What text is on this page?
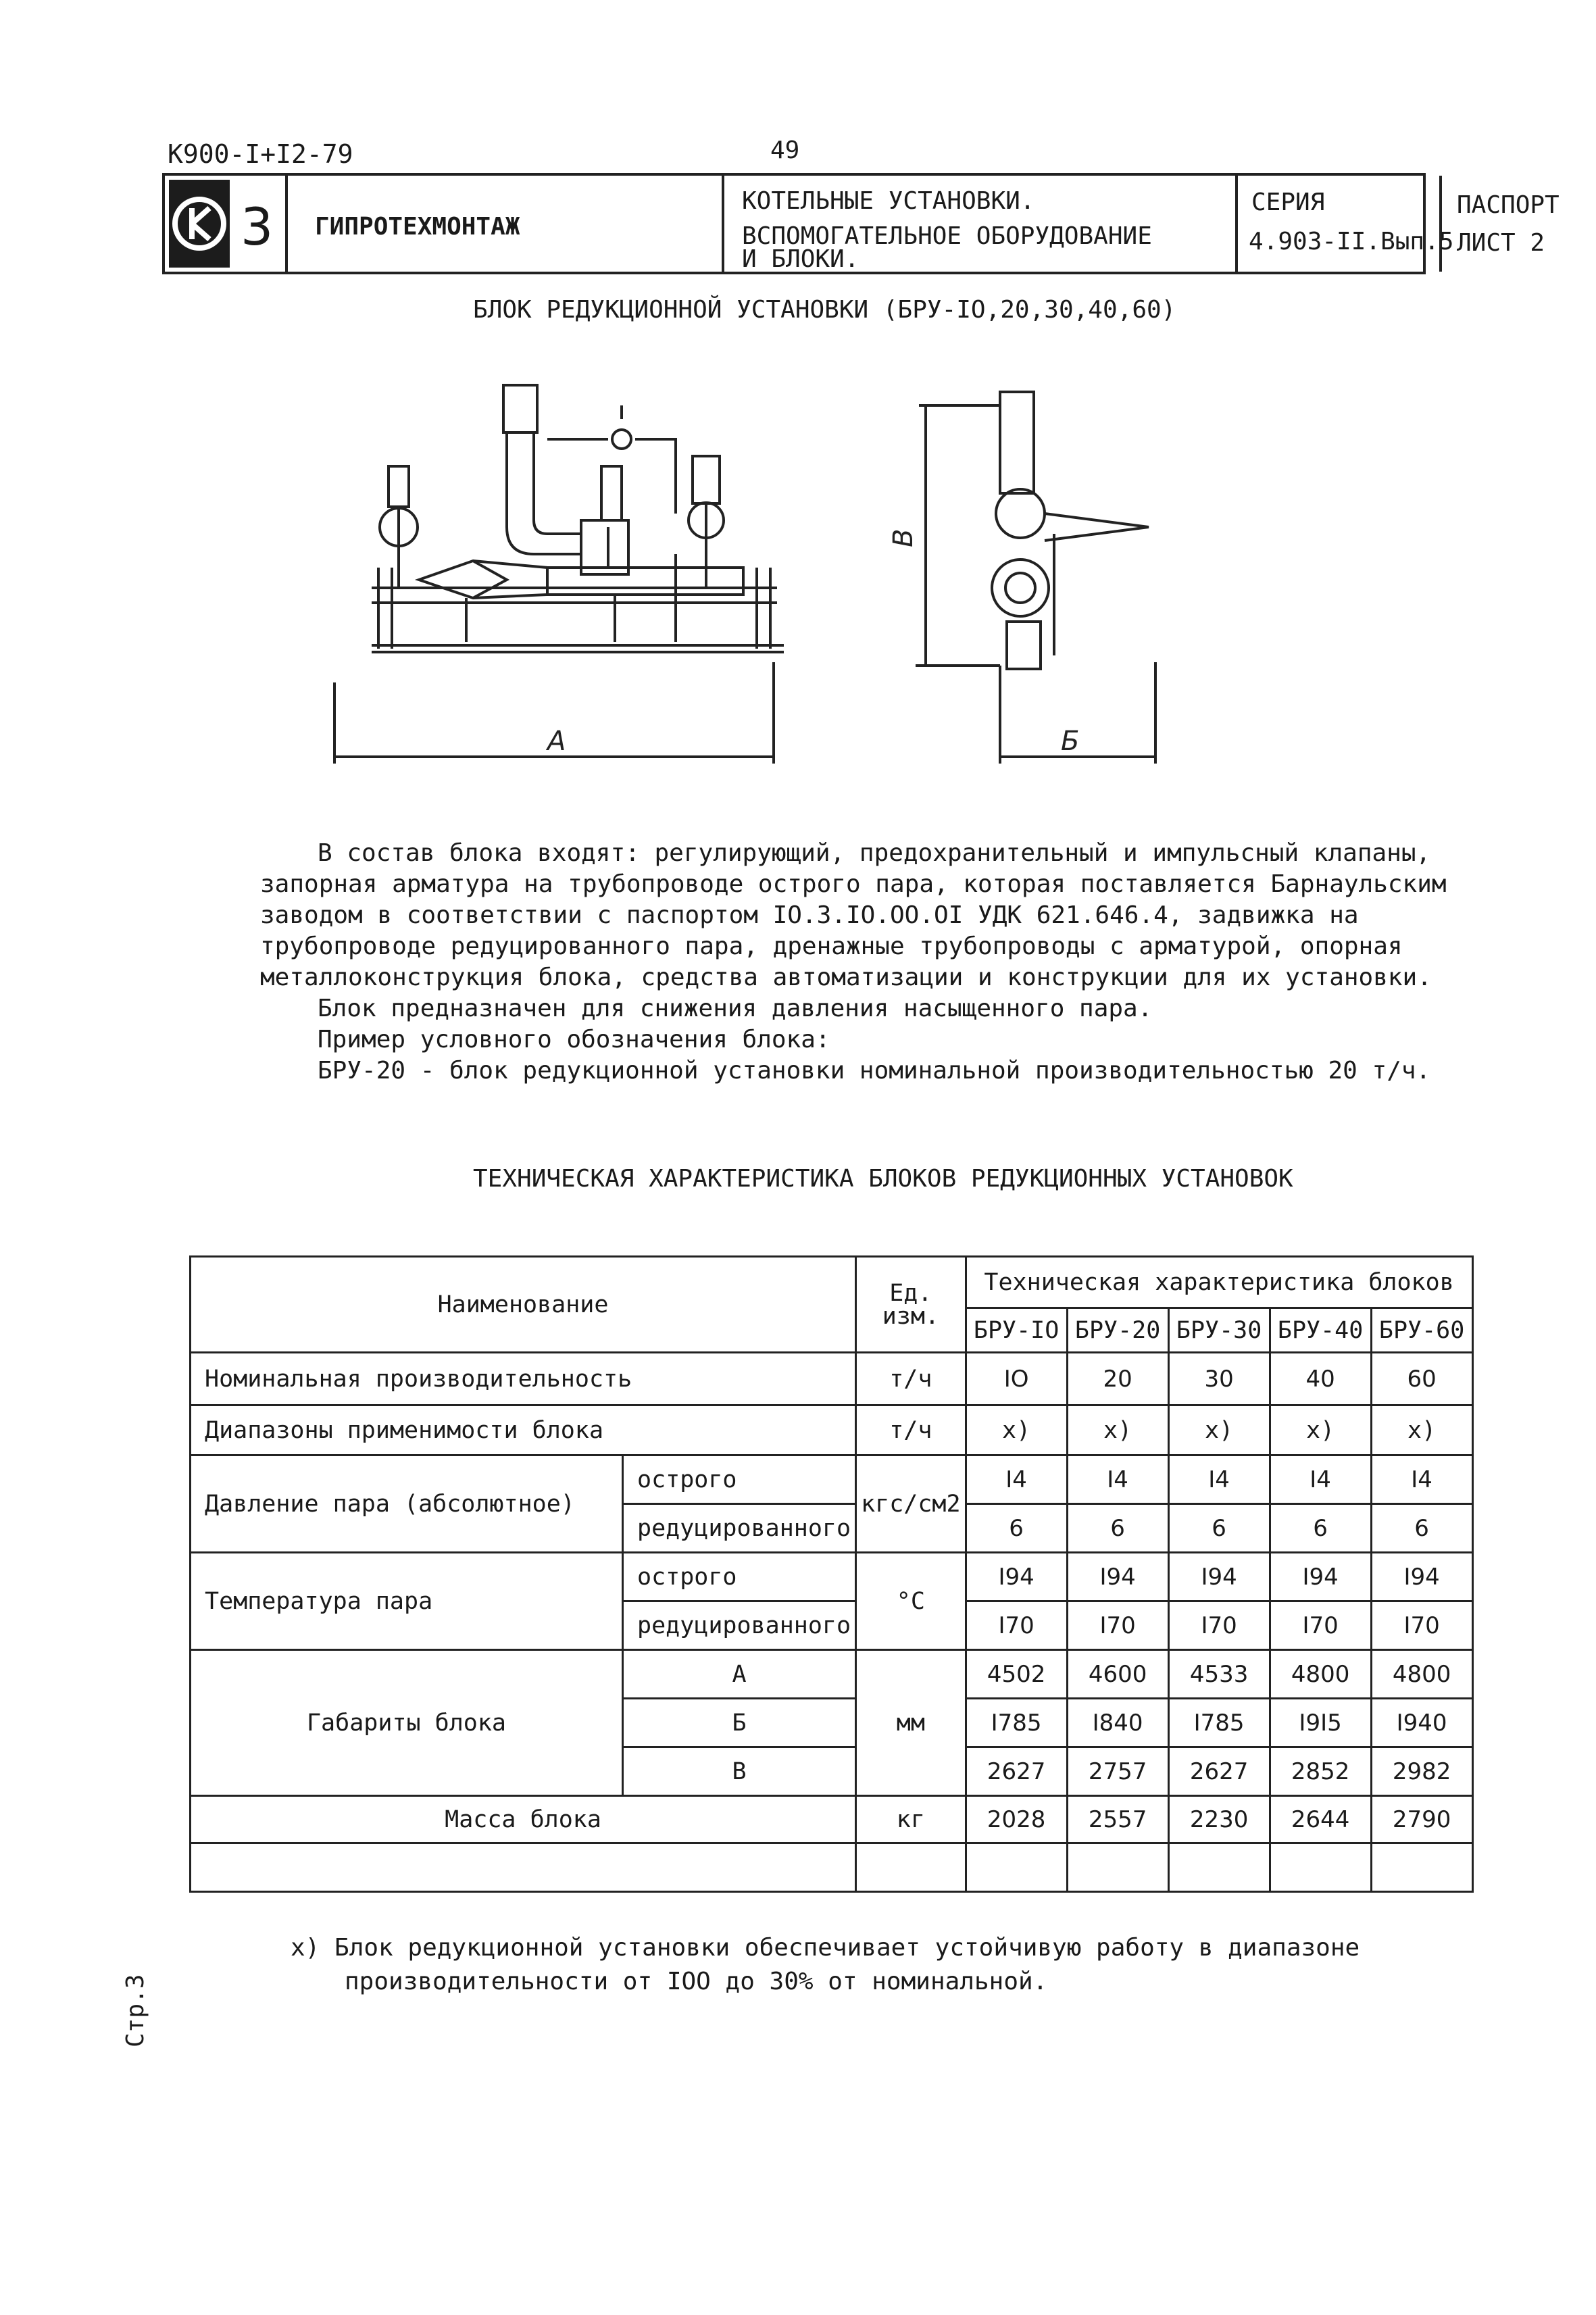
К900-I+I2-79	49
3 ГИПРОТЕХМОНТАЖ
КОТЕЛЬНЫЕ УСТАНОВКИ.
ВСПОМОГАТЕЛЬНОЕ ОБОРУДОВАНИЕ
И БЛОКИ.
СЕРИЯ
4.903-II.Вып.5
ПАСПОРТ
ЛИСТ 2
БЛОК РЕДУКЦИОННОЙ УСТАНОВКИ (БРУ-IO,20,30,40,60)
А	Б
В
В состав блока входят: регулирующий, предохранительный и импульсный клапаны,
запорная арматура на трубопроводе острого пара, которая поставляется Барнаульским
заводом в соответствии с паспортом IO.3.IO.OO.OI УДК 621.646.4, задвижка на
трубопроводе редуцированного пара, дренажные трубопроводы с арматурой, опорная
металлоконструкция блока, средства автоматизации и конструкции для их установки.
Блок предназначен для снижения давления насыщенного пара.
Пример условного обозначения блока:
БРУ-20 - блок редукционной установки номинальной производительностью 20 т/ч.
ТЕХНИЧЕСКАЯ ХАРАКТЕРИСТИКА БЛОКОВ РЕДУКЦИОННЫХ УСТАНОВОК
Наименование		Ед. изм.	Техническая характеристика блоков				
			БРУ-IO	БРУ-20	БРУ-30	БРУ-40	БРУ-60
Номинальная производительность		т/ч	IO	20	30	40	60
Диапазоны применимости блока		т/ч	х)	х)	х)	х)	х)
Давление пара (абсолютное)	острого	кгс/см2	I4	I4	I4	I4	I4
	редуцированного		6	6	6	6	6
Температура пара	острого	°С	I94	I94	I94	I94	I94
	редуцированного		I70	I70	I70	I70	I70
Габариты блока	А	мм	4502	4600	4533	4800	4800
	Б		I785	I840	I785	I9I5	I940
	В		2627	2757	2627	2852	2982
Масса блока		кг	2028	2557	2230	2644	2790

х) Блок редукционной установки обеспечивает устойчивую работу в диапазоне
производительности от IOO до 30% от номинальной.
Стр.3
